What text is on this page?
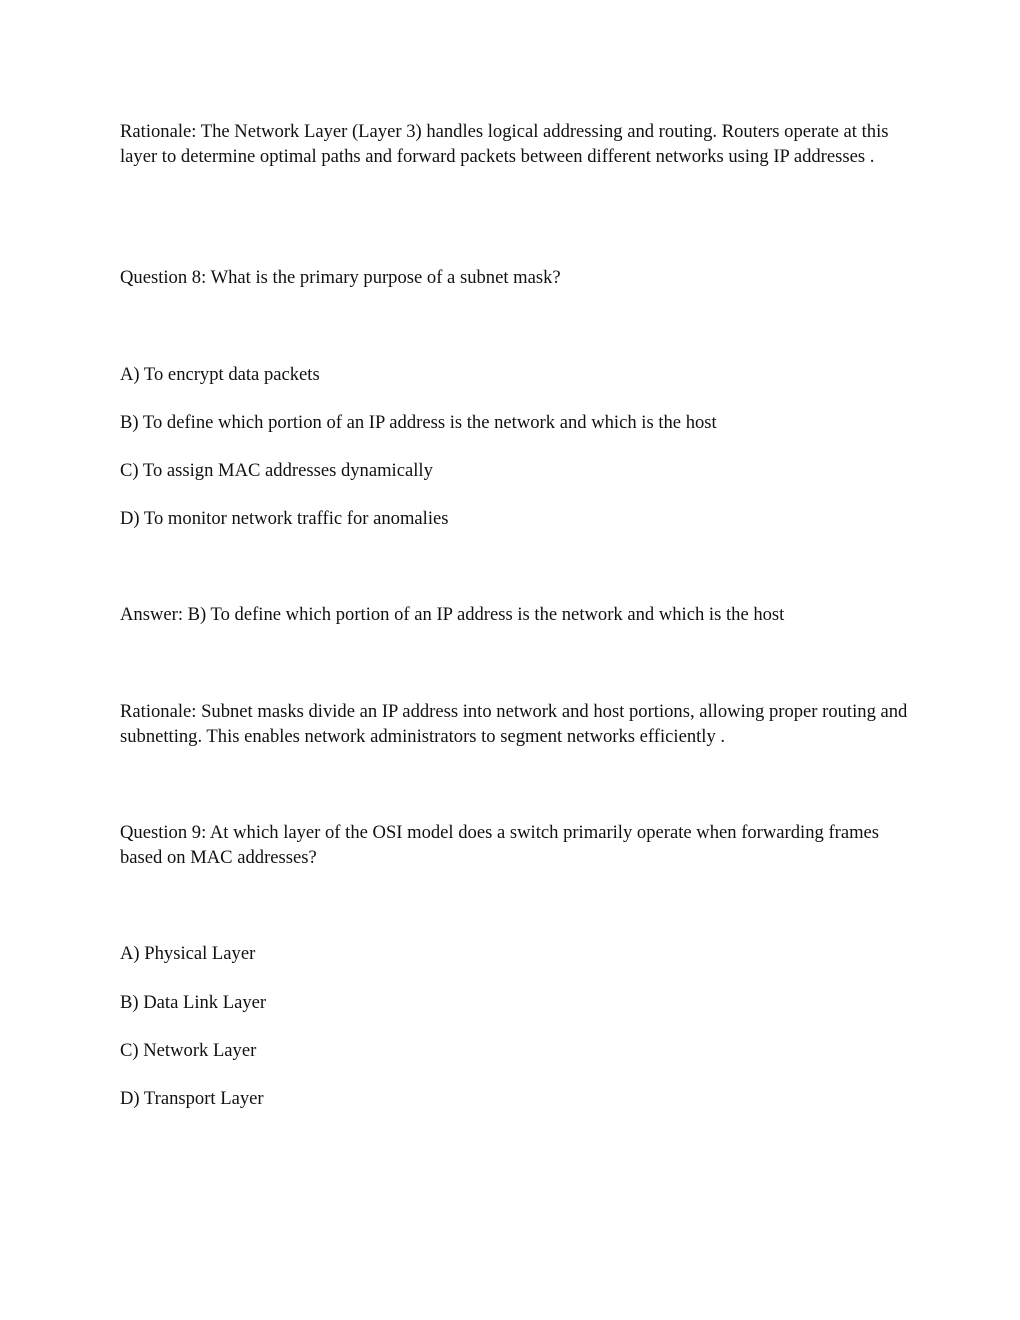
Rationale: The Network Layer (Layer 3) handles logical addressing and routing. Routers operate at this layer to determine optimal paths and forward packets between different networks using IP addresses .

Question 8: What is the primary purpose of a subnet mask?

A) To encrypt data packets

B) To define which portion of an IP address is the network and which is the host

C) To assign MAC addresses dynamically

D) To monitor network traffic for anomalies

Answer: B) To define which portion of an IP address is the network and which is the host

Rationale: Subnet masks divide an IP address into network and host portions, allowing proper routing and subnetting. This enables network administrators to segment networks efficiently .

Question 9: At which layer of the OSI model does a switch primarily operate when forwarding frames based on MAC addresses?

A) Physical Layer

B) Data Link Layer

C) Network Layer

D) Transport Layer
